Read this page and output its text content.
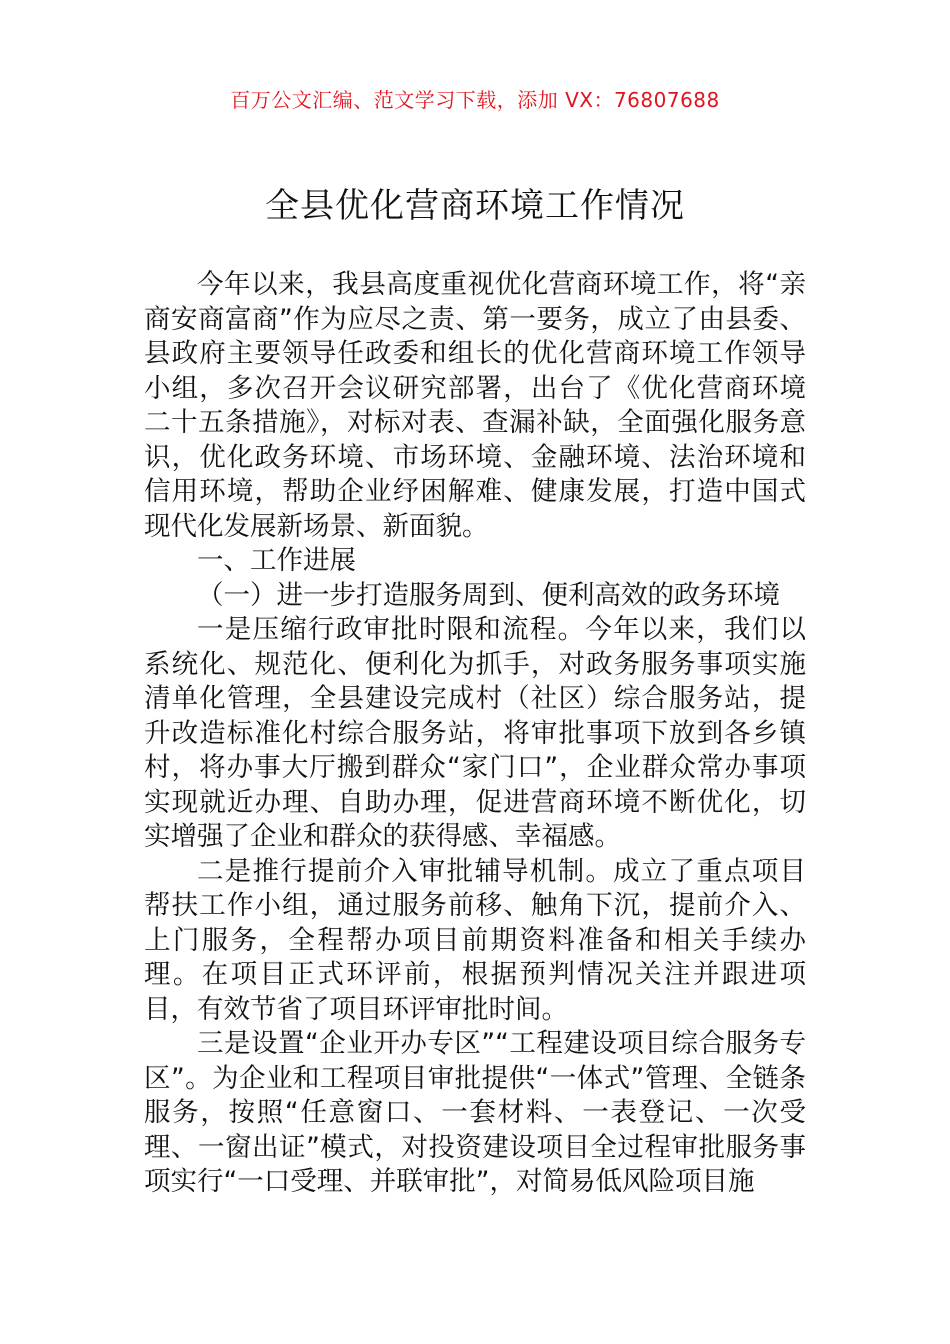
百万公文汇编、范文学习下载，添加 VX：76807688
全县优化营商环境工作情况

今年以来，我县高度重视优化营商环境工作，将“亲商安商富商”作为应尽之责、第一要务，成立了由县委、县政府主要领导任政委和组长的优化营商环境工作领导小组，多次召开会议研究部署，出台了《优化营商环境二十五条措施》，对标对表、查漏补缺，全面强化服务意识，优化政务环境、市场环境、金融环境、法治环境和信用环境，帮助企业纾困解难、健康发展，打造中国式现代化发展新场景、新面貌。

一、工作进展

（一）进一步打造服务周到、便利高效的政务环境

一是压缩行政审批时限和流程。今年以来，我们以系统化、规范化、便利化为抓手，对政务服务事项实施清单化管理，全县建设完成村（社区）综合服务站，提升改造标准化村综合服务站，将审批事项下放到各乡镇村，将办事大厅搬到群众“家门口”，企业群众常办事项实现就近办理、自助办理，促进营商环境不断优化，切实增强了企业和群众的获得感、幸福感。

二是推行提前介入审批辅导机制。成立了重点项目帮扶工作小组，通过服务前移、触角下沉，提前介入、上门服务，全程帮办项目前期资料准备和相关手续办理。在项目正式环评前，根据预判情况关注并跟进项目，有效节省了项目环评审批时间。

三是设置“企业开办专区”“工程建设项目综合服务专区”。为企业和工程项目审批提供“一体式”管理、全链条服务，按照“任意窗口、一套材料、一表登记、一次受理、一窗出证”模式，对投资建设项目全过程审批服务事项实行“一口受理、并联审批”，对简易低风险项目施
